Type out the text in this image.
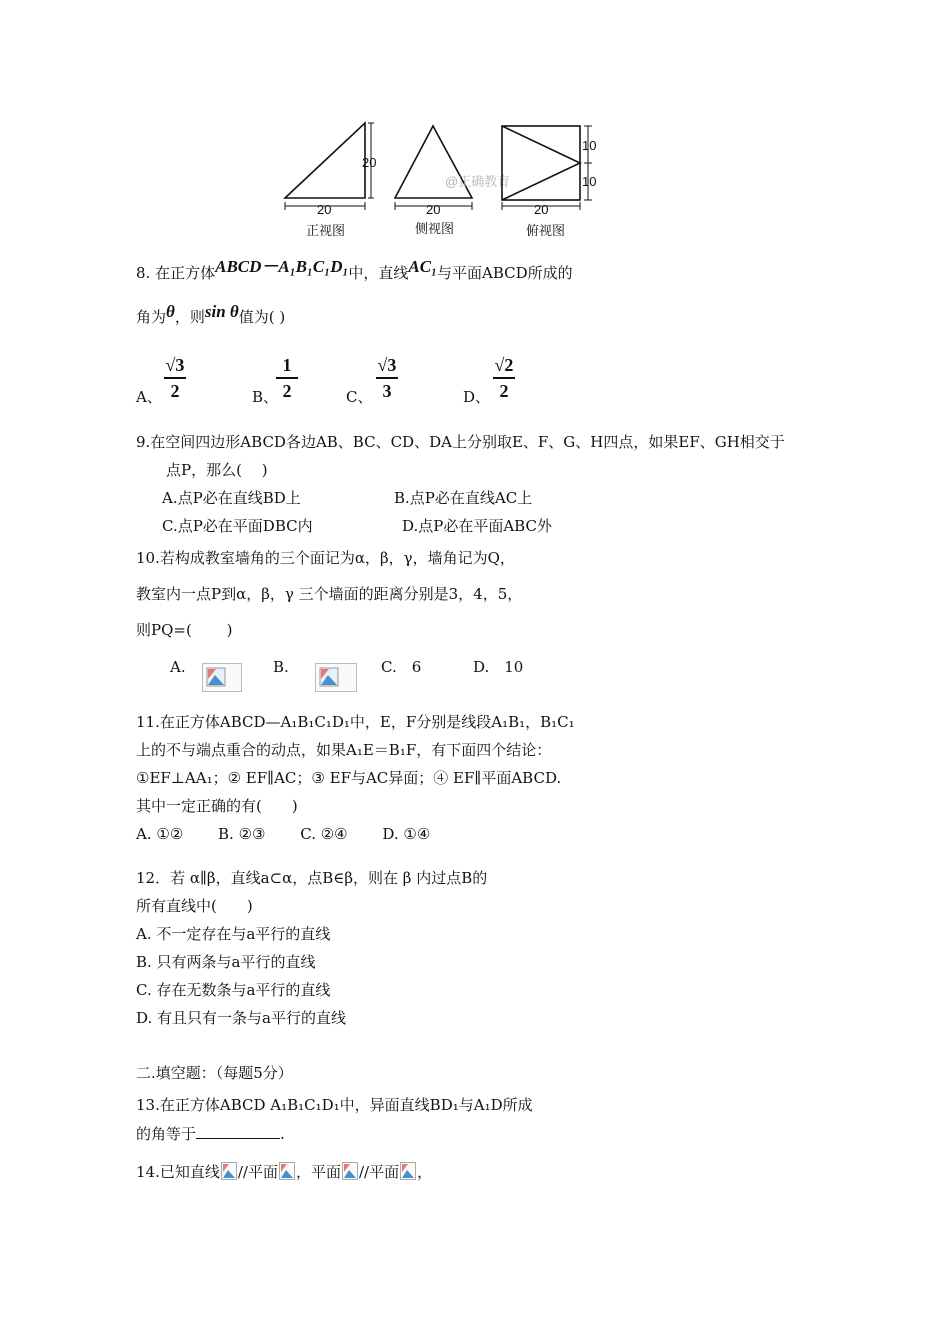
20
20	20
@正确教育
10
10
20
正视图	侧视图	俯视图
8. 在正方体ABCD－A₁B₁C₁D₁中，直线AC₁与平面ABCD所成的
角为θ，则sin θ值为( )
A、 $\frac{√3}{2}$	B、
$\frac{1}{2}$	C、 $\frac{√3}{3}$	D、 $\frac{√2}{2}$
9.在空间四边形ABCD各边AB、BC、CD、DA上分别取E、F、G、H四点，如果EF、GH相交于
点P，那么(　 )
A.点P必在直线BD上	B.点P必在直线AC上
C.点P必在平面DBC内	D.点P必在平面ABC外
10.若构成教室墙角的三个面记为α，β，γ，墙角记为Q，
教室内一点P到α，β，γ 三个墙面的距离分别是3，4，5，
则PQ=(　　 )
A.	B.	C.　6	D.　10
11.在正方体ABCD—A₁B₁C₁D₁中，E，F分别是线段A₁B₁，B₁C₁
上的不与端点重合的动点，如果A₁E＝B₁F，有下面四个结论：
①EF⊥AA₁；② EF∥AC；③ EF与AC异面；④ EF∥平面ABCD.
其中一定正确的有(　　)
A. ①②　　 B. ②③　　 C. ②④　　 D. ①④
12．若 α∥β，直线a⊂α，点B∈β，则在 β 内过点B的
所有直线中(　　)
A. 不一定存在与a平行的直线
B. 只有两条与a平行的直线
C. 存在无数条与a平行的直线
D. 有且只有一条与a平行的直线
二.填空题：（每题5分）
13.在正方体ABCD A₁B₁C₁D₁中，异面直线BD₁与A₁D所成
的角等于	.
14.已知直线 //平面 ，平面 //平面 ，
